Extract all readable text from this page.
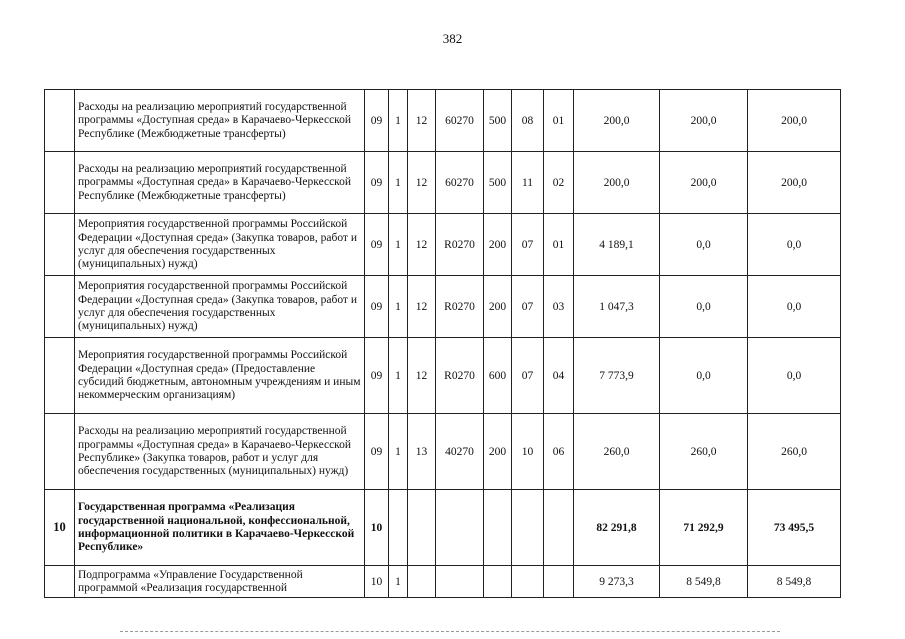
382
	Расходы на реализацию мероприятий государственной программы «Доступная среда» в Карачаево-Черкесской Республике (Межбюджетные трансферты)	09	1	12	60270	500	08	01	200,0	200,0	200,0
	Расходы на реализацию мероприятий государственной программы «Доступная среда» в Карачаево-Черкесской Республике (Межбюджетные трансферты)	09	1	12	60270	500	11	02	200,0	200,0	200,0
	Мероприятия государственной программы Российской Федерации «Доступная среда» (Закупка товаров, работ и услуг для обеспечения государственных (муниципальных) нужд)	09	1	12	R0270	200	07	01	4 189,1	0,0	0,0
	Мероприятия государственной программы Российской Федерации «Доступная среда» (Закупка товаров, работ и услуг для обеспечения государственных (муниципальных) нужд)	09	1	12	R0270	200	07	03	1 047,3	0,0	0,0
	Мероприятия государственной программы Российской Федерации «Доступная среда» (Предоставление субсидий бюджетным, автономным учреждениям и иным некоммерческим организациям)	09	1	12	R0270	600	07	04	7 773,9	0,0	0,0
	Расходы на реализацию мероприятий государственной программы «Доступная среда» в Карачаево-Черкесской Республике» (Закупка товаров, работ и услуг для обеспечения государственных (муниципальных) нужд)	09	1	13	40270	200	10	06	260,0	260,0	260,0
10	Государственная программа «Реализация государственной национальной, конфессиональной, информационной политики в Карачаево-Черкесской Республике»	10							82 291,8	71 292,9	73 495,5
	Подпрограмма «Управление Государственной программой «Реализация государственной	10	1						9 273,3	8 549,8	8 549,8
